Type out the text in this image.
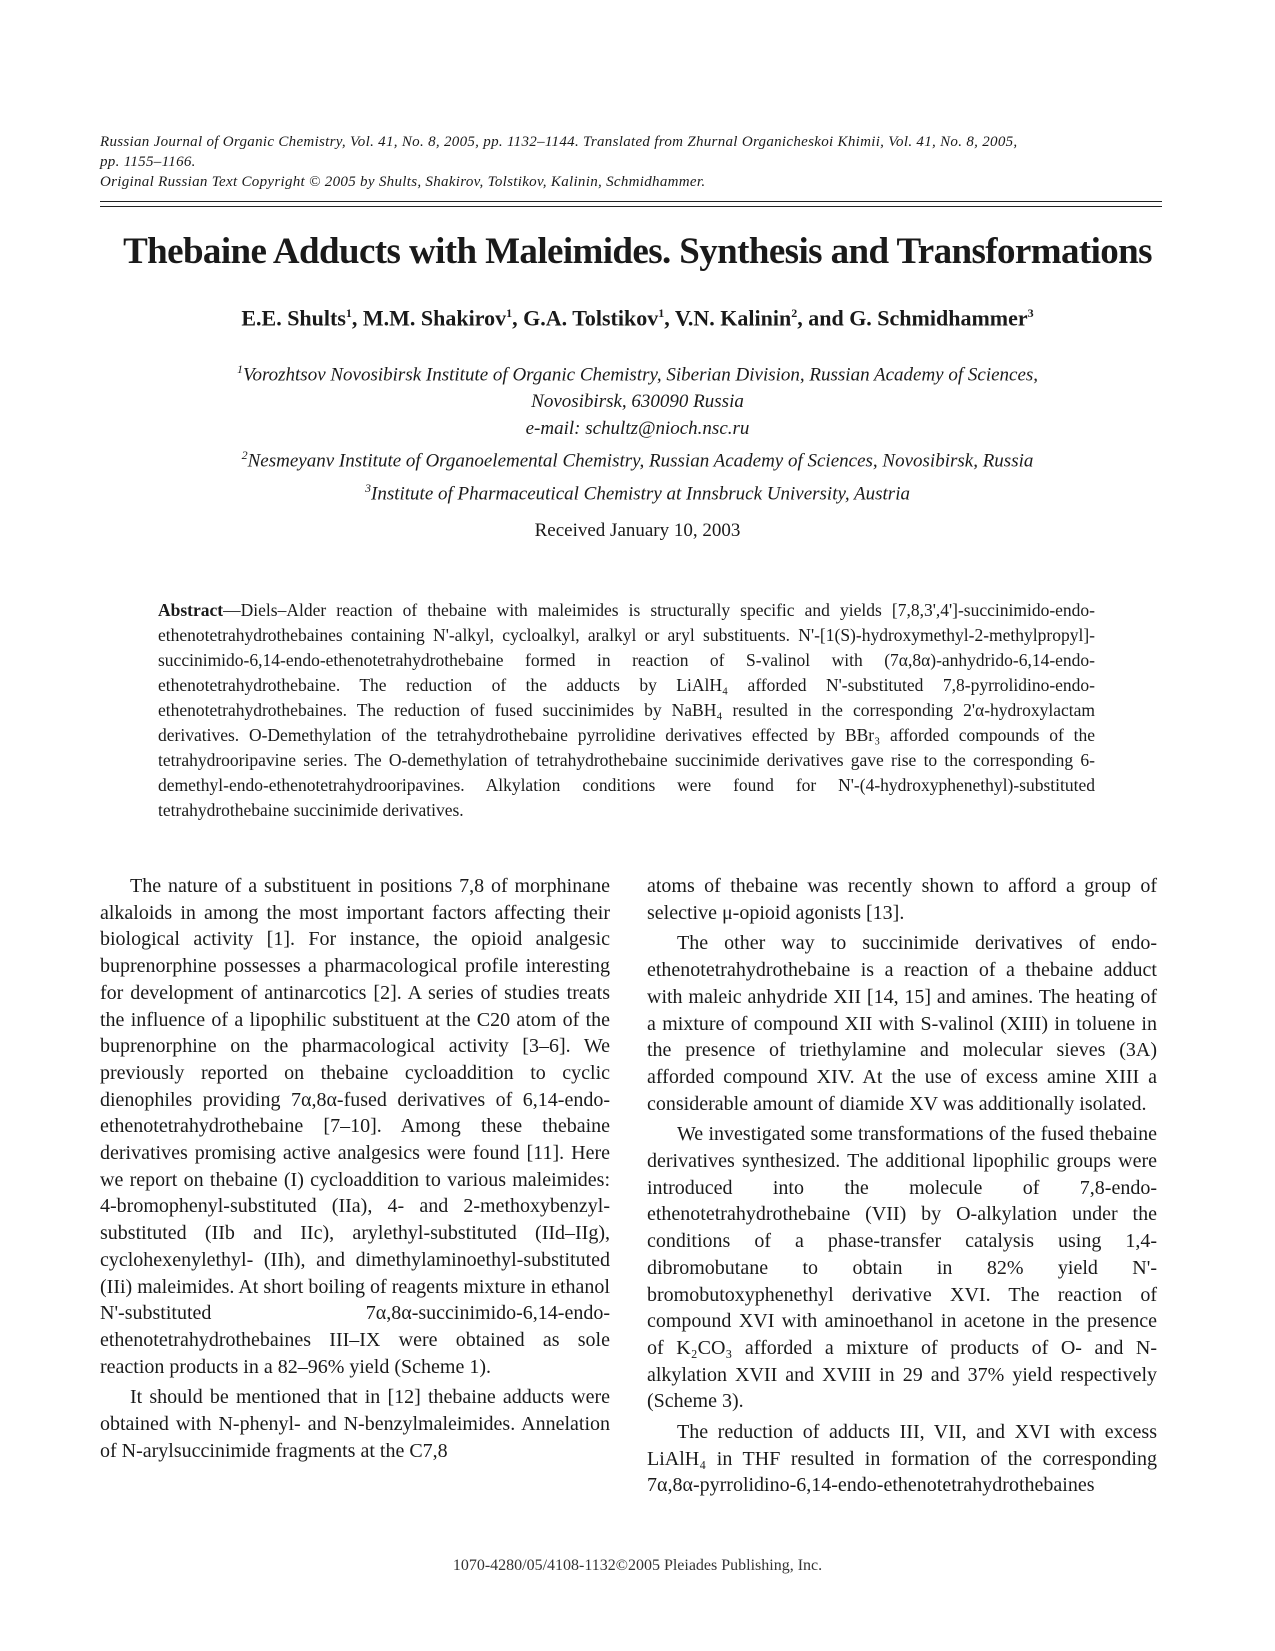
Russian Journal of Organic Chemistry, Vol. 41, No. 8, 2005, pp. 1132–1144. Translated from Zhurnal Organicheskoi Khimii, Vol. 41, No. 8, 2005,
pp. 1155–1166.
Original Russian Text Copyright © 2005 by Shults, Shakirov, Tolstikov, Kalinin, Schmidhammer.
Thebaine Adducts with Maleimides. Synthesis and Transformations
E.E. Shults$^1$, M.M. Shakirov$^1$, G.A. Tolstikov$^1$, V.N. Kalinin$^2$, and G. Schmidhammer$^3$
$^1$Vorozhtsov Novosibirsk Institute of Organic Chemistry, Siberian Division, Russian Academy of Sciences,
Novosibirsk, 630090 Russia
e-mail: schultz@nioch.nsc.ru
$^2$Nesmeyanv Institute of Organoelemental Chemistry, Russian Academy of Sciences, Novosibirsk, Russia
$^3$Institute of Pharmaceutical Chemistry at Innsbruck University, Austria
Received January 10, 2003
Abstract—Diels–Alder reaction of thebaine with maleimides is structurally specific and yields [7,8,3',4']-succinimido-endo-ethenotetrahydrothebaines containing N'-alkyl, cycloalkyl, aralkyl or aryl substituents. N'-[1(S)-hydroxymethyl-2-methylpropyl]-succinimido-6,14-endo-ethenotetrahydrothebaine formed in reaction of S-valinol with (7α,8α)-anhydrido-6,14-endo-ethenotetrahydrothebaine. The reduction of the adducts by LiAlH₄ afforded N'-substituted 7,8-pyrrolidino-endo-ethenotetrahydrothebaines. The reduction of fused succinimides by NaBH₄ resulted in the corresponding 2'α-hydroxylactam derivatives. O-Demethylation of the tetrahydrothebaine pyrrolidine derivatives effected by BBr₃ afforded compounds of the tetrahydrooripavine series. The O-demethylation of tetrahydrothebaine succinimide derivatives gave rise to the corresponding 6-demethyl-endo-ethenotetrahydrooripavines. Alkylation conditions were found for N'-(4-hydroxyphenethyl)-substituted tetrahydrothebaine succinimide derivatives.

The nature of a substituent in positions 7,8 of morphinane alkaloids in among the most important factors affecting their biological activity [1]. For instance, the opioid analgesic buprenorphine possesses a pharmacological profile interesting for development of antinarcotics [2]. A series of studies treats the influence of a lipophilic substituent at the C20 atom of the buprenorphine on the pharmacological activity [3–6]. We previously reported on thebaine cycloaddition to cyclic dienophiles providing 7α,8α-fused derivatives of 6,14-endo-ethenotetrahydrothebaine [7–10]. Among these thebaine derivatives promising active analgesics were found [11]. Here we report on thebaine (I) cycloaddition to various maleimides: 4-bromophenyl-substituted (IIa), 4- and 2-methoxybenzyl-substituted (IIb and IIc), arylethyl-substituted (IId–IIg), cyclohexenylethyl- (IIh), and dimethylaminoethyl-substituted (IIi) maleimides. At short boiling of reagents mixture in ethanol N'-substituted 7α,8α-succinimido-6,14-endo-ethenotetrahydrothebaines III–IX were obtained as sole reaction products in a 82–96% yield (Scheme 1).

It should be mentioned that in [12] thebaine adducts were obtained with N-phenyl- and N-benzylmaleimides. Annelation of N-arylsuccinimide fragments at the C7,8

atoms of thebaine was recently shown to afford a group of selective μ-opioid agonists [13].

The other way to succinimide derivatives of endo-ethenotetrahydrothebaine is a reaction of a thebaine adduct with maleic anhydride XII [14, 15] and amines. The heating of a mixture of compound XII with S-valinol (XIII) in toluene in the presence of triethylamine and molecular sieves (3A) afforded compound XIV. At the use of excess amine XIII a considerable amount of diamide XV was additionally isolated.

We investigated some transformations of the fused thebaine derivatives synthesized. The additional lipophilic groups were introduced into the molecule of 7,8-endo-ethenotetrahydrothebaine (VII) by O-alkylation under the conditions of a phase-transfer catalysis using 1,4-dibromobutane to obtain in 82% yield N'-bromobutoxyphenethyl derivative XVI. The reaction of compound XVI with aminoethanol in acetone in the presence of K₂CO₃ afforded a mixture of products of O- and N-alkylation XVII and XVIII in 29 and 37% yield respectively (Scheme 3).

The reduction of adducts III, VII, and XVI with excess LiAlH₄ in THF resulted in formation of the corresponding 7α,8α-pyrrolidino-6,14-endo-ethenotetrahydrothebaines

1070-4280/05/4108-1132©2005 Pleiades Publishing, Inc.
